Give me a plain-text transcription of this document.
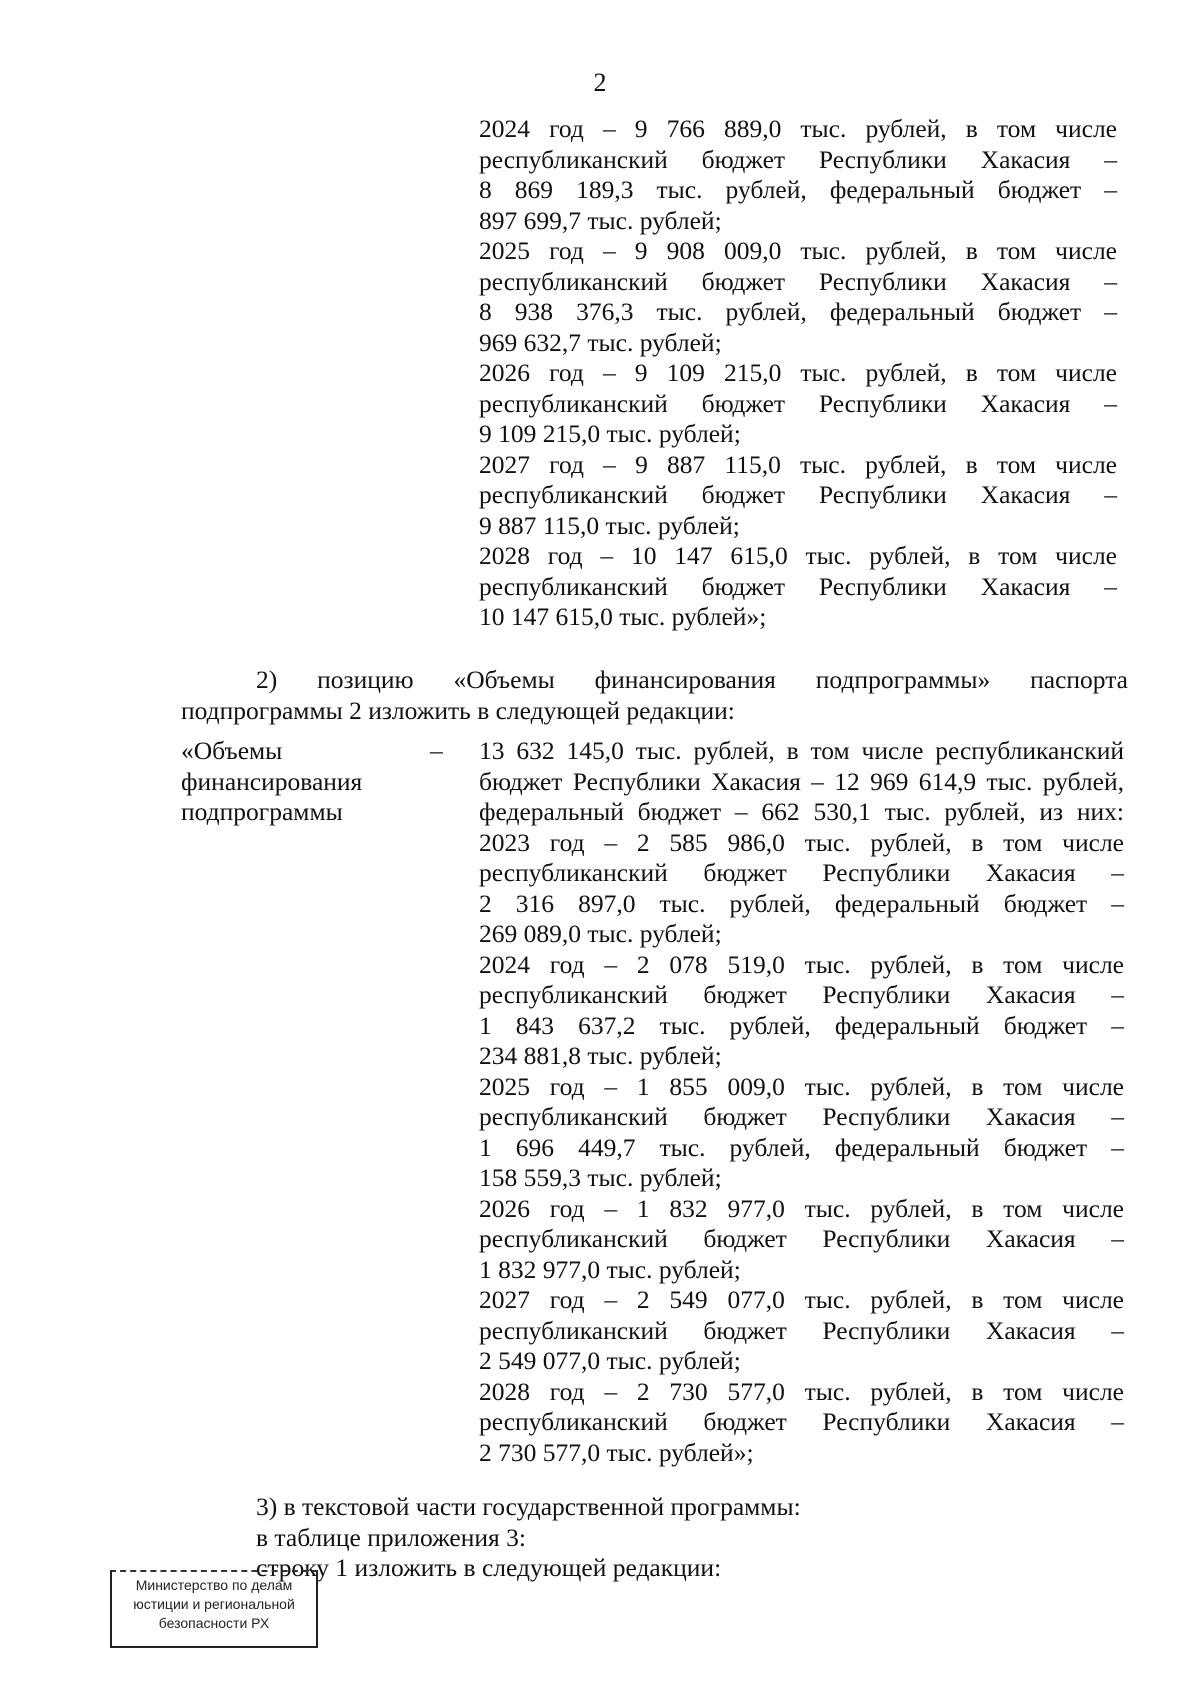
2
2024 год – 9 766 889,0 тыс. рублей, в том числе
республиканский бюджет Республики Хакасия –
8 869 189,3 тыс. рублей, федеральный бюджет –
897 699,7 тыс. рублей;
2025 год – 9 908 009,0 тыс. рублей, в том числе
республиканский бюджет Республики Хакасия –
8 938 376,3 тыс. рублей, федеральный бюджет –
969 632,7 тыс. рублей;
2026 год – 9 109 215,0 тыс. рублей, в том числе
республиканский бюджет Республики Хакасия –
9 109 215,0 тыс. рублей;
2027 год – 9 887 115,0 тыс. рублей, в том числе
республиканский бюджет Республики Хакасия –
9 887 115,0 тыс. рублей;
2028 год – 10 147 615,0 тыс. рублей, в том числе
республиканский бюджет Республики Хакасия –
10 147 615,0 тыс. рублей»;
2) позицию «Объемы финансирования подпрограммы» паспорта
подпрограммы 2 изложить в следующей редакции:
«Объемы
финансирования
подпрограммы
– 13 632 145,0 тыс. рублей, в том числе республиканский
бюджет Республики Хакасия – 12 969 614,9 тыс. рублей,
федеральный бюджет – 662 530,1 тыс. рублей, из них:
2023 год – 2 585 986,0 тыс. рублей, в том числе
республиканский бюджет Республики Хакасия –
2 316 897,0 тыс. рублей, федеральный бюджет –
269 089,0 тыс. рублей;
2024 год – 2 078 519,0 тыс. рублей, в том числе
республиканский бюджет Республики Хакасия –
1 843 637,2 тыс. рублей, федеральный бюджет –
234 881,8 тыс. рублей;
2025 год – 1 855 009,0 тыс. рублей, в том числе
республиканский бюджет Республики Хакасия –
1 696 449,7 тыс. рублей, федеральный бюджет –
158 559,3 тыс. рублей;
2026 год – 1 832 977,0 тыс. рублей, в том числе
республиканский бюджет Республики Хакасия –
1 832 977,0 тыс. рублей;
2027 год – 2 549 077,0 тыс. рублей, в том числе
республиканский бюджет Республики Хакасия –
2 549 077,0 тыс. рублей;
2028 год – 2 730 577,0 тыс. рублей, в том числе
республиканский бюджет Республики Хакасия –
2 730 577,0 тыс. рублей»;
3) в текстовой части государственной программы:
в таблице приложения 3:
строку 1 изложить в следующей редакции:
Министерство по делам
юстиции и региональной
безопасности РХ
